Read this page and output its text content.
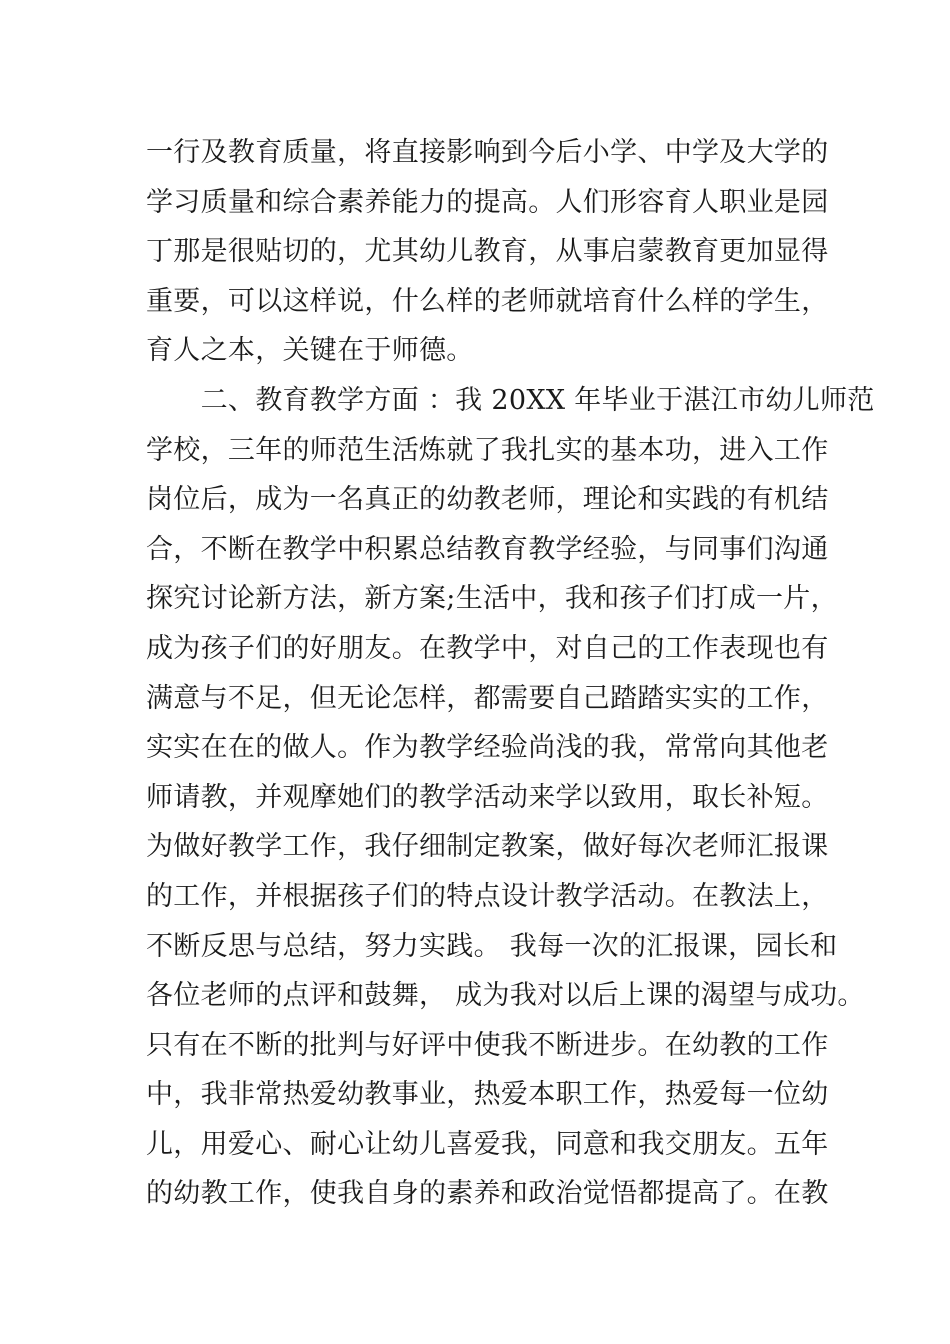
一行及教育质量，将直接影响到今后小学、中学及大学的
学习质量和综合素养能力的提高。人们形容育人职业是园
丁那是很贴切的，尤其幼儿教育，从事启蒙教育更加显得
重要，可以这样说，什么样的老师就培育什么样的学生，
育人之本，关键在于师德。
　　二、教育教学方面 ：我 20XX 年毕业于湛江市幼儿师范
学校，三年的师范生活炼就了我扎实的基本功，进入工作
岗位后，成为一名真正的幼教老师，理论和实践的有机结
合，不断在教学中积累总结教育教学经验，与同事们沟通
探究讨论新方法，新方案;生活中，我和孩子们打成一片，
成为孩子们的好朋友。在教学中，对自己的工作表现也有
满意与不足，但无论怎样，都需要自己踏踏实实的工作，
实实在在的做人。作为教学经验尚浅的我，常常向其他老
师请教，并观摩她们的教学活动来学以致用，取长补短。
为做好教学工作，我仔细制定教案，做好每次老师汇报课
的工作，并根据孩子们的特点设计教学活动。在教法上，
不断反思与总结，努力实践。 我每一次的汇报课，园长和
各位老师的点评和鼓舞， 成为我对以后上课的渴望与成功。
只有在不断的批判与好评中使我不断进步。在幼教的工作
中，我非常热爱幼教事业，热爱本职工作，热爱每一位幼
儿，用爱心、耐心让幼儿喜爱我，同意和我交朋友。五年
的幼教工作，使我自身的素养和政治觉悟都提高了。在教
